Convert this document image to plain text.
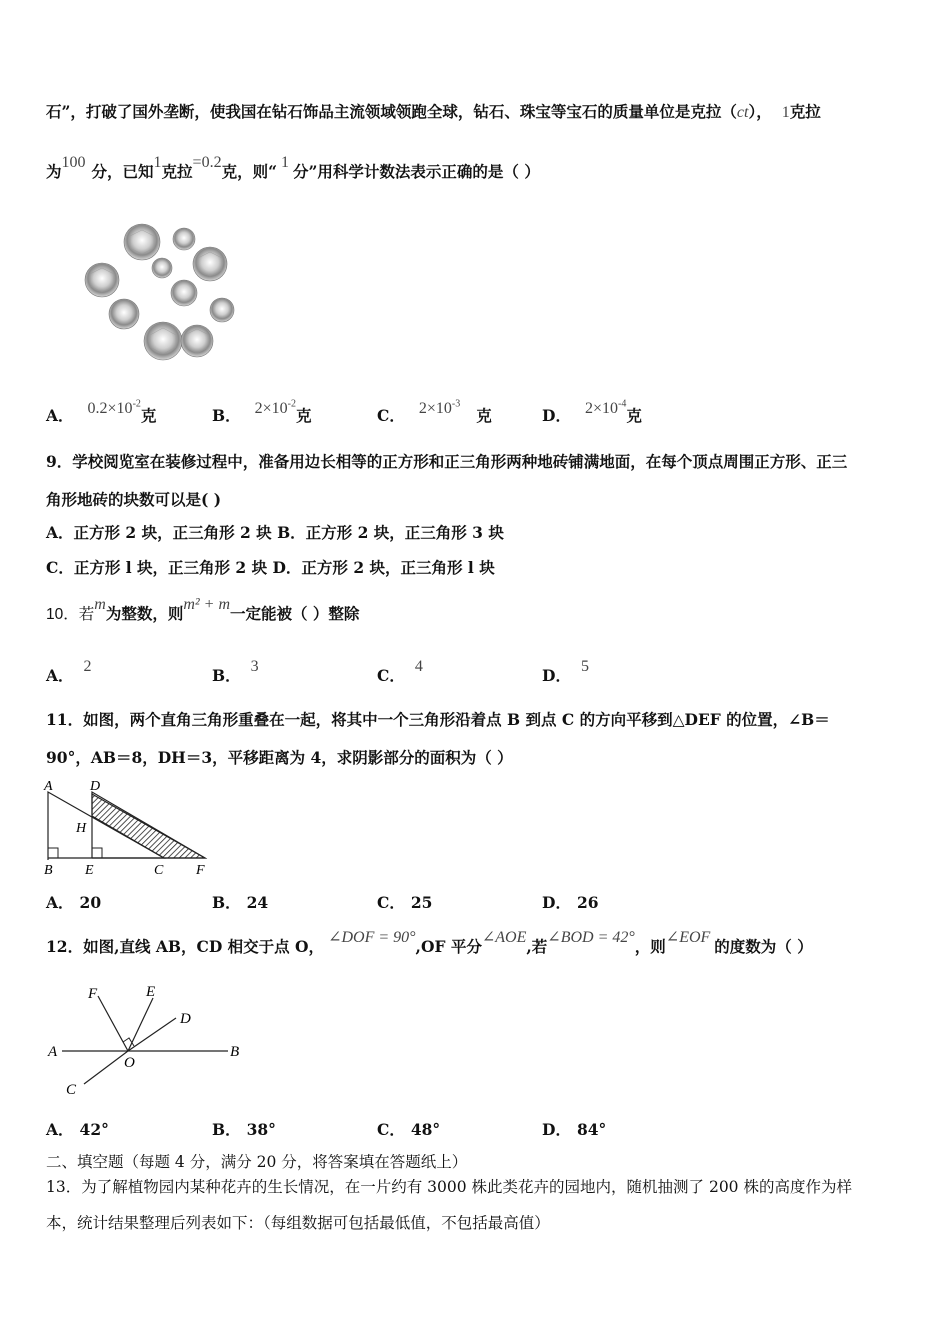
石”，打破了国外垄断，使我国在钻石饰品主流领域领跑全球，钻石、珠宝等宝石的质量单位是克拉（ct）， 1克拉
为100 分，已知1克拉=0.2克，则“ 1 分”用科学计数法表示正确的是（ ）
A． $0.2\times 10^{-2}$克	B． $2\times 10^{-2}$克	C． $2\times 10^{-3}$克	D． $2\times 10^{-4}$克
9．学校阅览室在装修过程中，准备用边长相等的正方形和正三角形两种地砖铺满地面，在每个顶点周围正方形、正三
角形地砖的块数可以是( )
A．正方形 2 块，正三角形 2 块 B．正方形 2 块，正三角形 3 块
C．正方形 l 块，正三角形 2 块 D．正方形 2 块，正三角形 l 块
10．若m为整数，则m² + m一定能被（ ）整除
A． 2	B． 3	C． 4	D． 5
11．如图，两个直角三角形重叠在一起，将其中一个三角形沿着点 B 到点 C 的方向平移到△DEF 的位置，∠B＝
90°，AB＝8，DH＝3，平移距离为 4，求阴影部分的面积为（ ）
A	D
H
B E	C F
A． 20	B． 24	C． 25	D． 26
12．如图,直线 AB，CD 相交于点 O， ∠DOF = 90°,OF 平分∠AOE,若∠BOD = 42°，则∠EOF 的度数为（ ）
F	E
D
A
O
B
C
A． 42°	B． 38°	C． 48°	D． 84°
二、填空题（每题 4 分，满分 20 分，将答案填在答题纸上）
13．为了解植物园内某种花卉的生长情况，在一片约有 3000 株此类花卉的园地内，随机抽测了 200 株的高度作为样
本，统计结果整理后列表如下：（每组数据可包括最低值，不包括最高值）
